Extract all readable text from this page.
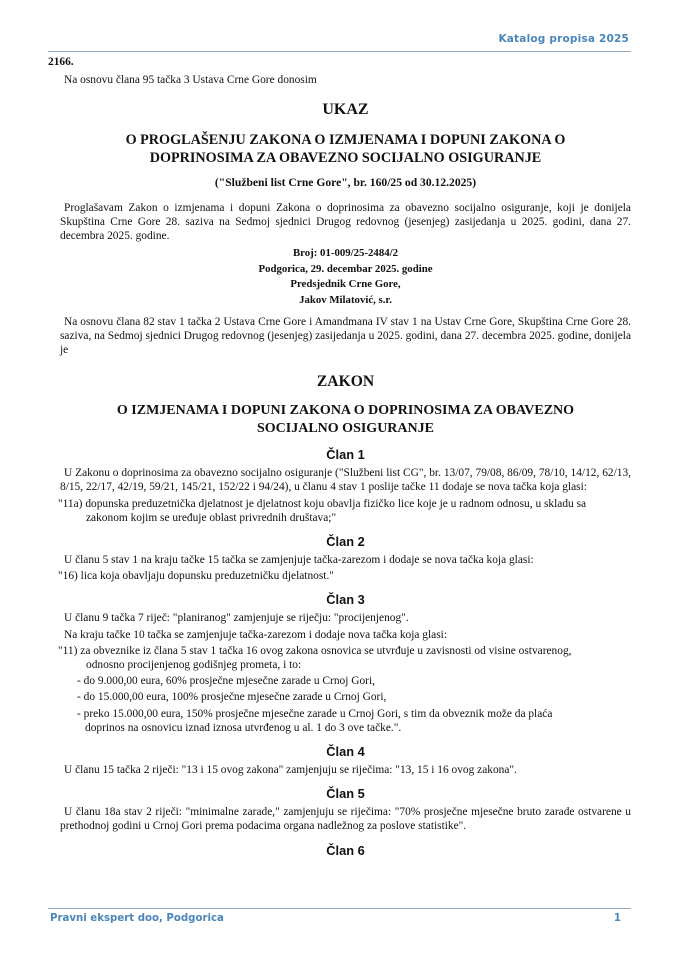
Katalog propisa 2025

2166.

Na osnovu člana 95 tačka 3 Ustava Crne Gore donosim

UKAZ

O PROGLAŠENJU ZAKONA O IZMJENAMA I DOPUNI ZAKONA O DOPRINOSIMA ZA OBAVEZNO SOCIJALNO OSIGURANJE

("Službeni list Crne Gore", br. 160/25 od 30.12.2025)

Proglašavam Zakon o izmjenama i dopuni Zakona o doprinosima za obavezno socijalno osiguranje, koji je donijela Skupština Crne Gore 28. saziva na Sedmoj sjednici Drugog redovnog (jesenjeg) zasijedanja u 2025. godini, dana 27. decembra 2025. godine.

Broj: 01-009/25-2484/2

Podgorica, 29. decembar 2025. godine

Predsjednik Crne Gore,

Jakov Milatović, s.r.

Na osnovu člana 82 stav 1 tačka 2 Ustava Crne Gore i Amandmana IV stav 1 na Ustav Crne Gore, Skupština Crne Gore 28. saziva, na Sedmoj sjednici Drugog redovnog (jesenjeg) zasijedanja u 2025. godini, dana 27. decembra 2025. godine, donijela je

ZAKON

O IZMJENAMA I DOPUNI ZAKONA O DOPRINOSIMA ZA OBAVEZNO SOCIJALNO OSIGURANJE

Član 1

U Zakonu o doprinosima za obavezno socijalno osiguranje ("Službeni list CG", br. 13/07, 79/08, 86/09, 78/10, 14/12, 62/13, 8/15, 22/17, 42/19, 59/21, 145/21, 152/22 i 94/24), u članu 4 stav 1 poslije tačke 11 dodaje se nova tačka koja glasi:

"11a) dopunska preduzetnička djelatnost je djelatnost koju obavlja fizičko lice koje je u radnom odnosu, u skladu sa

zakonom kojim se uređuje oblast privrednih društava;"

Član 2

U članu 5 stav 1 na kraju tačke 15 tačka se zamjenjuje tačka-zarezom i dodaje se nova tačka koja glasi:

"16) lica koja obavljaju dopunsku preduzetničku djelatnost."

Član 3

U članu 9 tačka 7 riječ: "planiranog" zamjenjuje se riječju: "procijenjenog".

Na kraju tačke 10 tačka se zamjenjuje tačka-zarezom i dodaje nova tačka koja glasi:

"11) za obveznike iz člana 5 stav 1 tačka 16 ovog zakona osnovica se utvrđuje u zavisnosti od visine ostvarenog,

odnosno procijenjenog godišnjeg prometa, i to:

- do 9.000,00 eura, 60% prosječne mjesečne zarade u Crnoj Gori,

- do 15.000,00 eura, 100% prosječne mjesečne zarade u Crnoj Gori,

- preko 15.000,00 eura, 150% prosječne mjesečne zarade u Crnoj Gori, s tim da obveznik može da plaća

doprinos na osnovicu iznad iznosa utvrđenog u al. 1 do 3 ove tačke.".

Član 4

U članu 15 tačka 2 riječi: "13 i 15 ovog zakona" zamjenjuju se riječima: "13, 15 i 16 ovog zakona".

Član 5

U članu 18a stav 2 riječi: "minimalne zarade," zamjenjuju se riječima: "70% prosječne mjesečne bruto zarade ostvarene u prethodnoj godini u Crnoj Gori prema podacima organa nadležnog za poslove statistike".

Član 6

Pravni ekspert doo, Podgorica	1
